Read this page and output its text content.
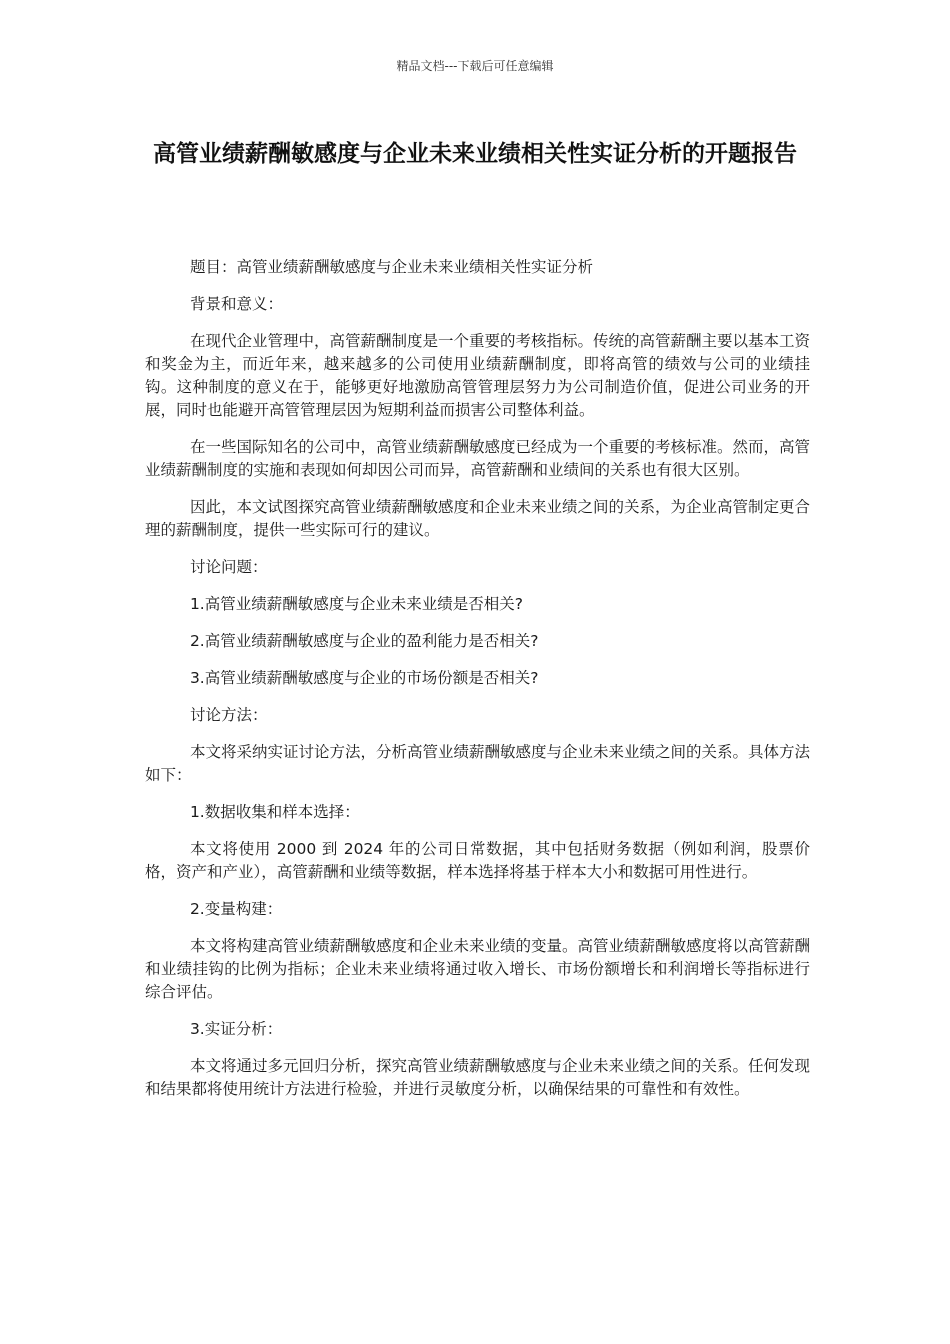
精品文档---下载后可任意编辑
高管业绩薪酬敏感度与企业未来业绩相关性实证分析的开题报告

题目：高管业绩薪酬敏感度与企业未来业绩相关性实证分析

背景和意义：

在现代企业管理中，高管薪酬制度是一个重要的考核指标。传统的高管薪酬主要以基本工资和奖金为主，而近年来，越来越多的公司使用业绩薪酬制度，即将高管的绩效与公司的业绩挂钩。这种制度的意义在于，能够更好地激励高管管理层努力为公司制造价值，促进公司业务的开展，同时也能避开高管管理层因为短期利益而损害公司整体利益。

在一些国际知名的公司中，高管业绩薪酬敏感度已经成为一个重要的考核标准。然而，高管业绩薪酬制度的实施和表现如何却因公司而异，高管薪酬和业绩间的关系也有很大区别。

因此，本文试图探究高管业绩薪酬敏感度和企业未来业绩之间的关系，为企业高管制定更合理的薪酬制度，提供一些实际可行的建议。

讨论问题：

1.高管业绩薪酬敏感度与企业未来业绩是否相关?

2.高管业绩薪酬敏感度与企业的盈利能力是否相关?

3.高管业绩薪酬敏感度与企业的市场份额是否相关?

讨论方法：

本文将采纳实证讨论方法，分析高管业绩薪酬敏感度与企业未来业绩之间的关系。具体方法如下：

1.数据收集和样本选择：

本文将使用 2000 到 2024 年的公司日常数据，其中包括财务数据（例如利润，股票价格，资产和产业），高管薪酬和业绩等数据，样本选择将基于样本大小和数据可用性进行。

2.变量构建：

本文将构建高管业绩薪酬敏感度和企业未来业绩的变量。高管业绩薪酬敏感度将以高管薪酬和业绩挂钩的比例为指标；企业未来业绩将通过收入增长、市场份额增长和利润增长等指标进行综合评估。

3.实证分析：

本文将通过多元回归分析，探究高管业绩薪酬敏感度与企业未来业绩之间的关系。任何发现和结果都将使用统计方法进行检验，并进行灵敏度分析，以确保结果的可靠性和有效性。
